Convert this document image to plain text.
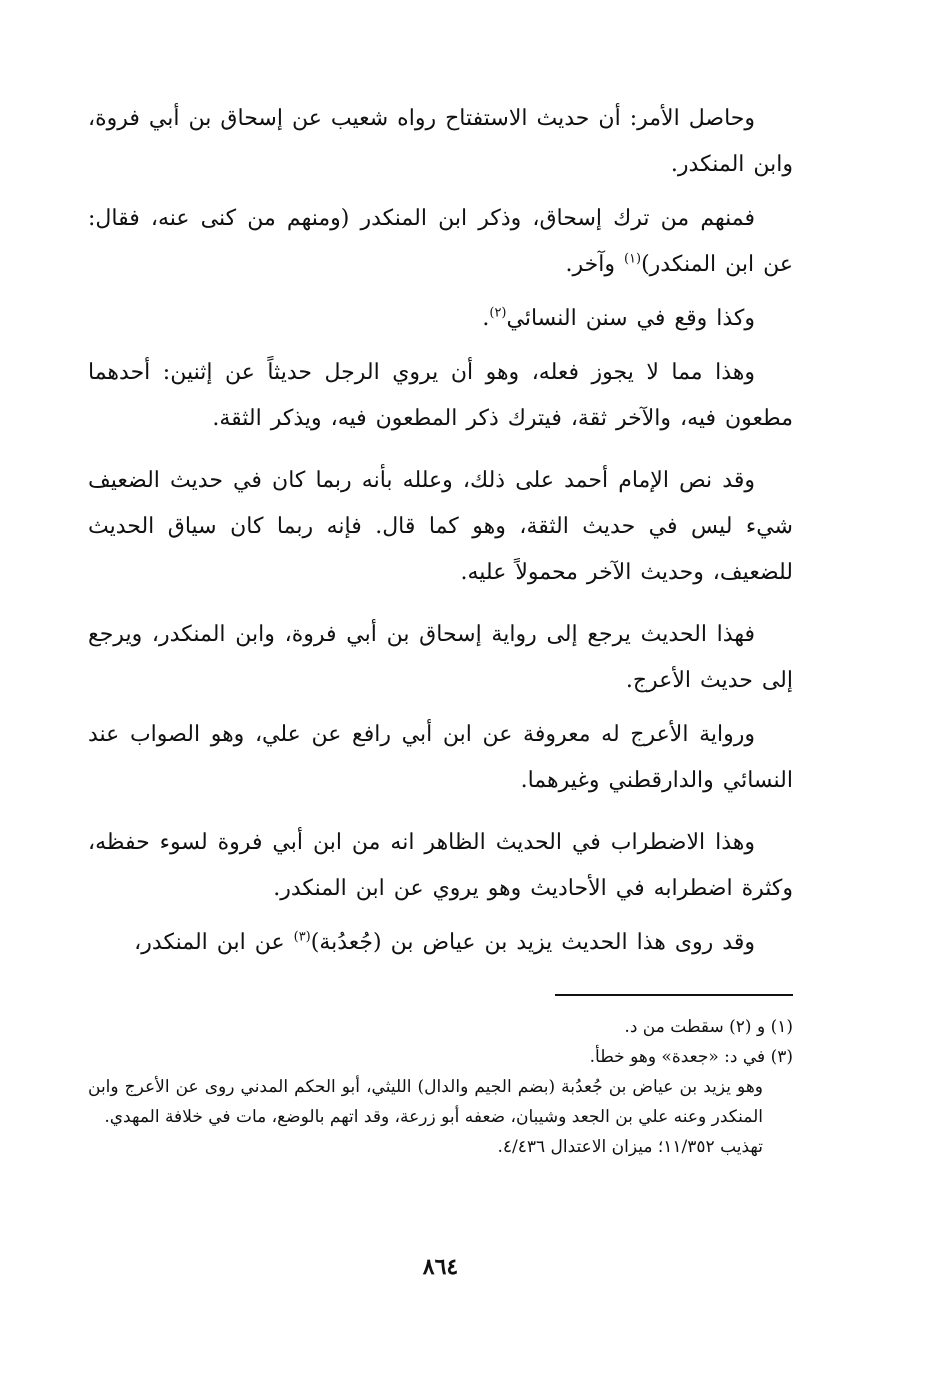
وحاصل الأمر: أن حديث الاستفتاح رواه شعيب عن إسحاق بن أبي فروة، وابن المنكدر.

فمنهم من ترك إسحاق، وذكر ابن المنكدر (ومنهم من كنى عنه، فقال: عن ابن المنكدر)$^{(١)}$ وآخر.

وكذا وقع في سنن النسائي$^{(٢)}$.

وهذا مما لا يجوز فعله، وهو أن يروي الرجل حديثاً عن إثنين: أحدهما مطعون فيه، والآخر ثقة، فيترك ذكر المطعون فيه، ويذكر الثقة.

وقد نص الإمام أحمد على ذلك، وعلله بأنه ربما كان في حديث الضعيف شيء ليس في حديث الثقة، وهو كما قال. فإنه ربما كان سياق الحديث للضعيف، وحديث الآخر محمولاً عليه.

فهذا الحديث يرجع إلى رواية إسحاق بن أبي فروة، وابن المنكدر، ويرجع إلى حديث الأعرج.

ورواية الأعرج له معروفة عن ابن أبي رافع عن علي، وهو الصواب عند النسائي والدارقطني وغيرهما.

وهذا الاضطراب في الحديث الظاهر انه من ابن أبي فروة لسوء حفظه، وكثرة اضطرابه في الأحاديث وهو يروي عن ابن المنكدر.

وقد روى هذا الحديث يزيد بن عياض بن (جُعدُبة)$^{(٣)}$ عن ابن المنكدر،

(١) و (٢) سقطت من د.

(٣) في د: «جعدة» وهو خطأ.

وهو يزيد بن عياض بن جُعدُبة (بضم الجيم والدال) الليثي، أبو الحكم المدني روى عن الأعرج وابن المنكدر وعنه علي بن الجعد وشيبان، ضعفه أبو زرعة، وقد اتهم بالوضع، مات في خلافة المهدي.

تهذيب ١١/٣٥٢؛ ميزان الاعتدال ٤/٤٣٦.

٨٦٤
